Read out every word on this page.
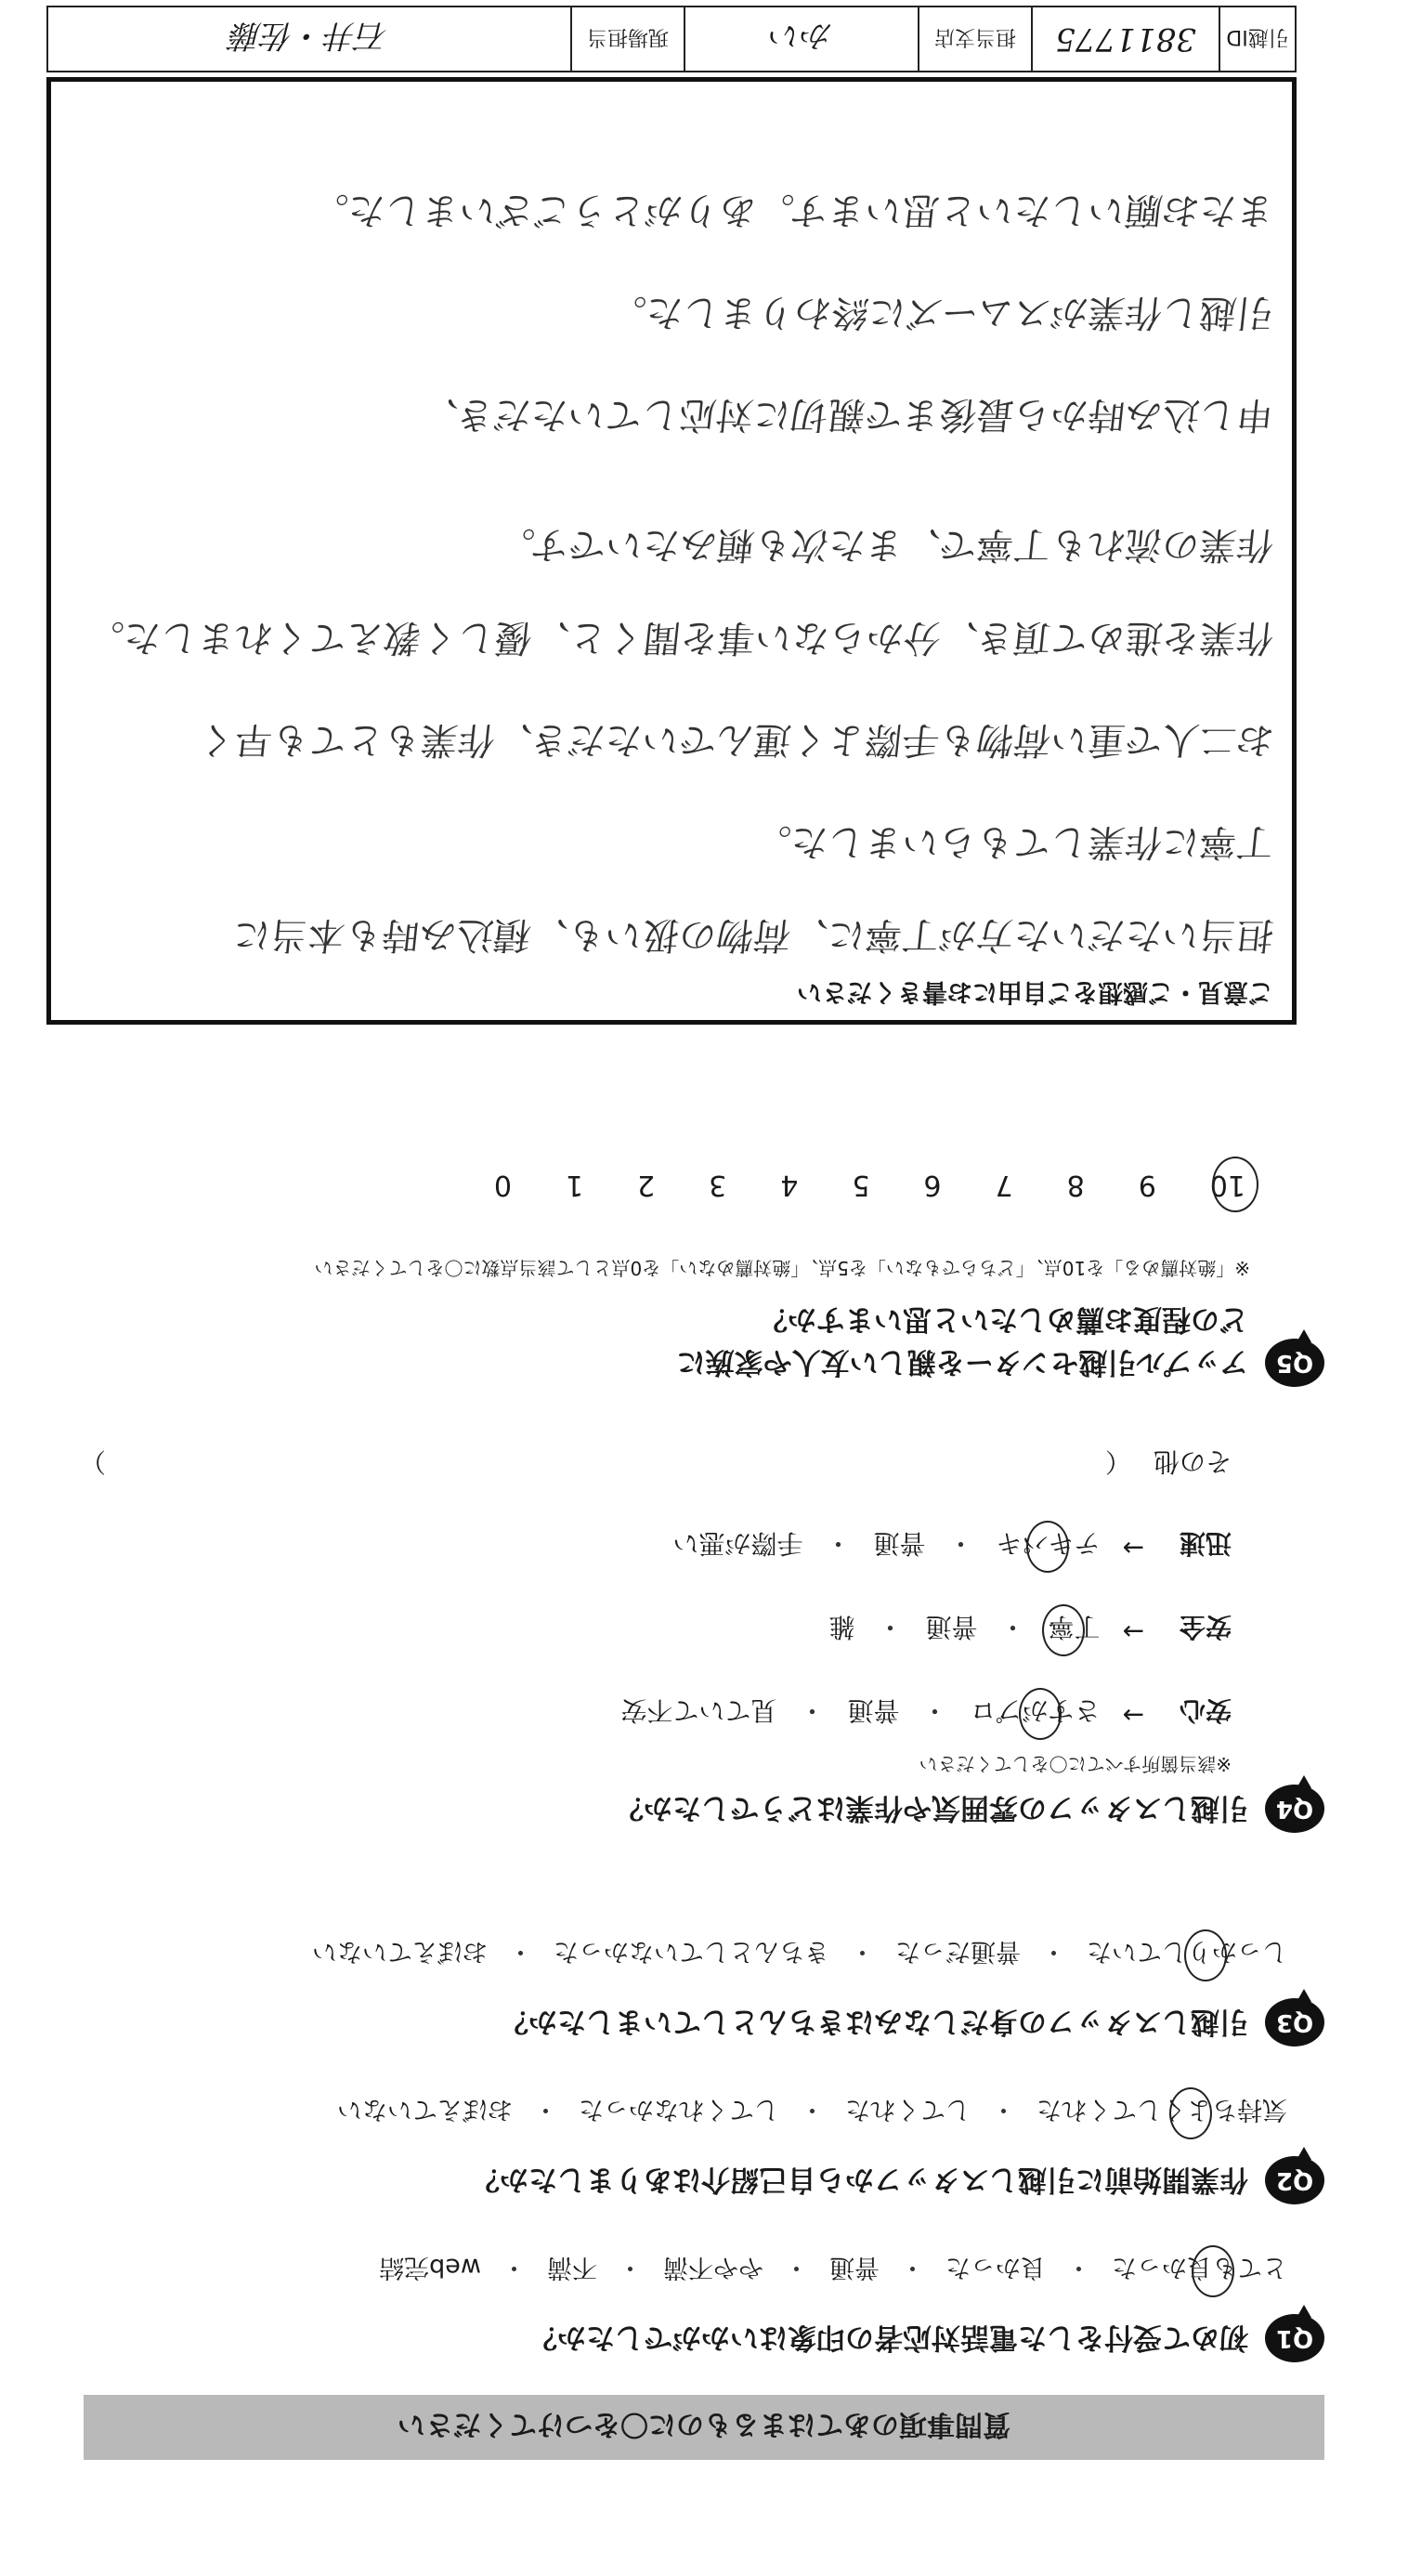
質問事項のあてはまるものに〇をつけてください
Q1
初めて受付をした電話対応者の印象はいかがでしたか？
とても良かった
・
良かった
・
普通
・
やや不満
・
不満
・
web完結
Q2
作業開始前に引越しスタッフから自己紹介はありましたか？
気持ちよくしてくれた
・
してくれた
・
してくれなかった
・
おぼえていない
Q3
引越しスタッフの身だしなみはきちんとしていましたか？
しっかりしていた
・
普通だった
・
きちんとしていなかった
・
おぼえていない
Q4
引越しスタッフの雰囲気や作業はどうでしたか？
※該当箇所すべてに〇をしてください
安心
→
さすがプロ
・
普通
・
見ていて不安
安全
→
丁寧
・
普通
・
雑
迅速
→
テキパキ
・
普通
・
手際が悪い
その他
（
）
Q5
アップル引越センターを親しい友人や家族に
どの程度お薦めしたいと思いますか？
※「絶対薦める」を10点、「どちらでもない」を5点、「絶対薦めない」を0点として該当点数に〇をしてください
10
9
8
7
6
5
4
3
2
1
0
ご意見・ご感想をご自由にお書きください
担当いただいた方が丁寧に、荷物の扱いも、積込み時も本当に
丁寧に作業してもらいました。
お二人で重い荷物も手際よく運んでいただき、作業もとても早く
作業を進めて頂き、分からない事を聞くと、優しく教えてくれました。
作業の流れも丁寧で、また次も頼みたいです。
申し込み時から最後まで親切に対応していただき、
引越し作業がスムーズに終わりました。
またお願いしたいと思います。ありがとうございました。
引越ID
3811775
担当支店
かい
現場担当
石井・佐藤
